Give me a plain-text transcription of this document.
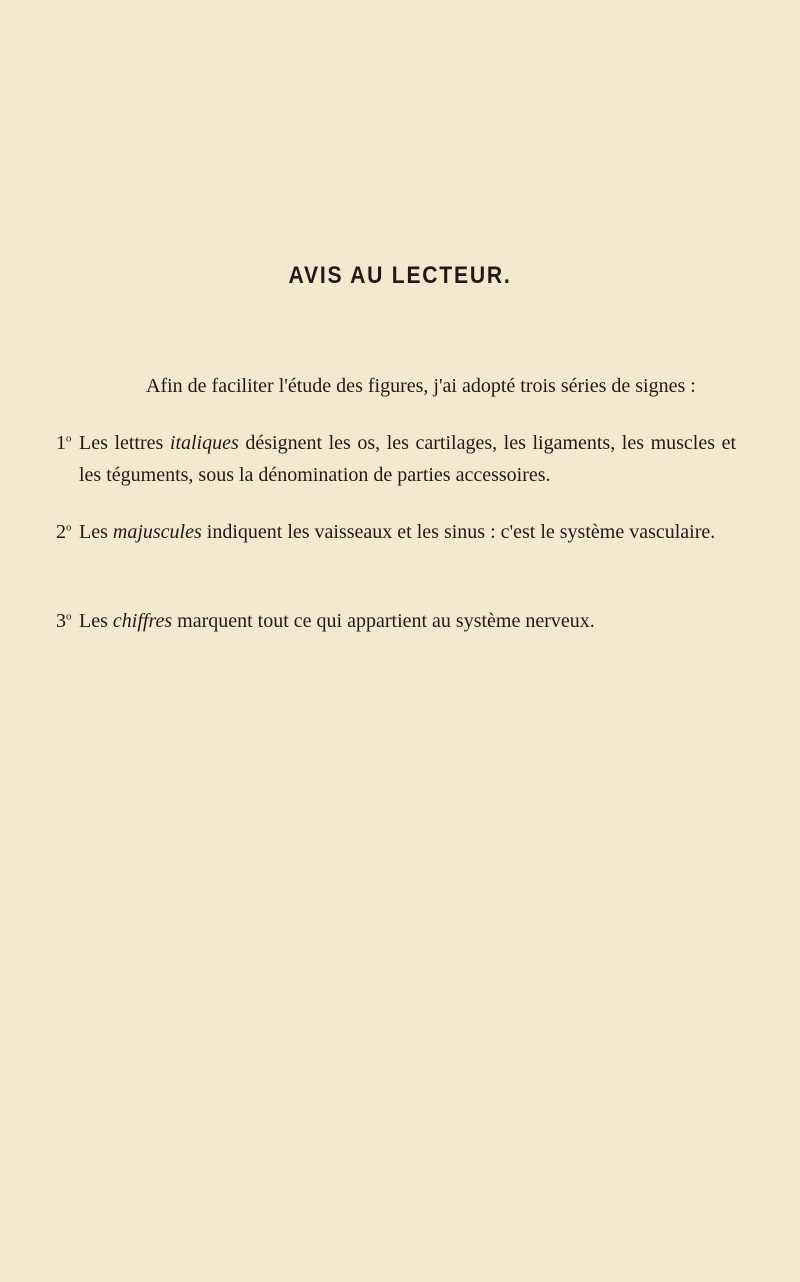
AVIS AU LECTEUR.
Afin de faciliter l'étude des figures, j'ai adopté trois séries de signes :
1$^o$ Les lettres italiques désignent les os, les cartilages, les ligaments, les muscles et les téguments, sous la dénomination de parties accessoires.
2$^o$ Les majuscules indiquent les vaisseaux et les sinus : c'est le système vasculaire.
3$^o$ Les chiffres marquent tout ce qui appartient au système nerveux.
